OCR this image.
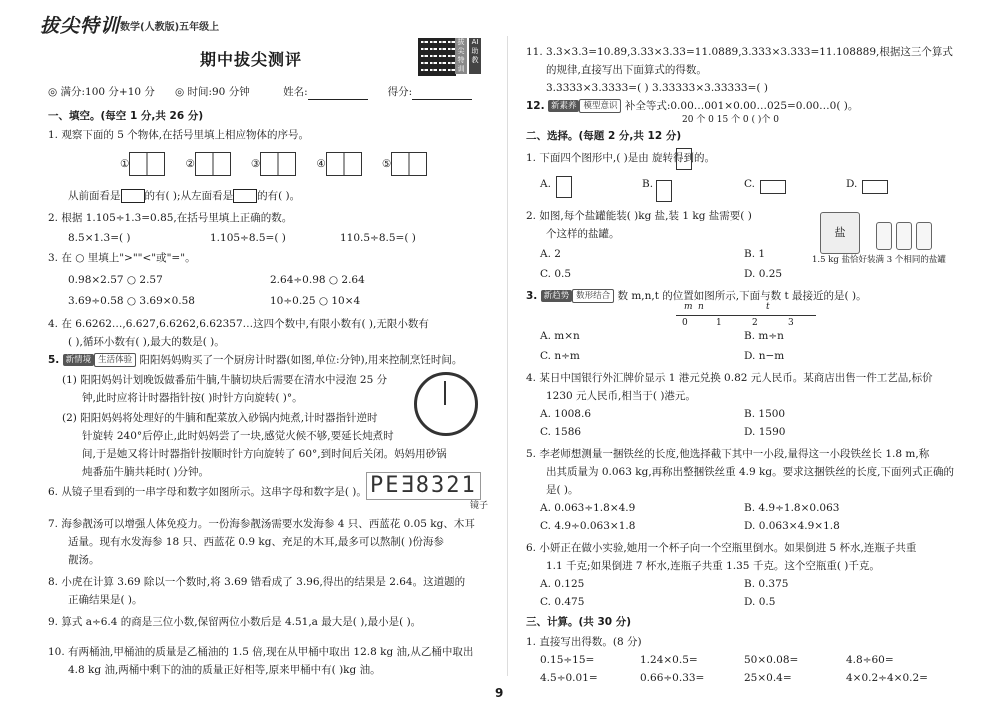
拔尖特训 数学(人教版)五年级上
期中拔尖测评
拔尖特训
AI助教
◎ 满分:100 分+10 分 ◎ 时间:90 分钟	姓名:	得分:
一、填空。(每空 1 分,共 26 分)
1. 观察下面的 5 个物体,在括号里填上相应物体的序号。
①	②	③	④	⑤
从前面看是 的有( );从左面看是 的有( )。
2. 根据 1.105÷1.3=0.85,在括号里填上正确的数。
8.5×1.3=( )	1.105÷8.5=( )	110.5÷8.5=( )
3. 在 ○ 里填上">""<"或"="。
0.98×2.57 ○ 2.57	2.64÷0.98 ○ 2.64
3.69÷0.58 ○ 3.69×0.58	10÷0.25 ○ 10×4
4. 在 6.6262…,6.627,6.6262,6.62357…这四个数中,有限小数有( ),无限小数有
( ),循环小数有( ),最大的数是( )。
5. 新情境 生活体验 阳阳妈妈购买了一个厨房计时器(如图,单位:分钟),用来控制烹饪时间。
(1) 阳阳妈妈计划晚饭做番茄牛腩,牛腩切块后需要在清水中浸泡 25 分
钟,此时应将计时器指针按( )时针方向旋转( )°。
(2) 阳阳妈妈将处理好的牛腩和配菜放入砂锅内炖煮,计时器指针逆时
针旋转 240°后停止,此时妈妈尝了一块,感觉火候不够,要延长炖煮时
间,于是她又将计时器指针按顺时针方向旋转了 60°,到时间后关闭。妈妈用砂锅
炖番茄牛腩共耗时( )分钟。
6. 从镜子里看到的一串字母和数字如图所示。这串字母和数字是( )。 PEƎ8321
镜子
7. 海参靓汤可以增强人体免疫力。一份海参靓汤需要水发海参 4 只、西蓝花 0.05 kg、木耳
适量。现有水发海参 18 只、西蓝花 0.9 kg、充足的木耳,最多可以熬制( )份海参
靓汤。
8. 小虎在计算 3.69 除以一个数时,将 3.69 错看成了 3.96,得出的结果是 2.64。这道题的
正确结果是( )。
9. 算式 a÷6.4 的商是三位小数,保留两位小数后是 4.51,a 最大是( ),最小是( )。
10. 有两桶油,甲桶油的质量是乙桶油的 1.5 倍,现在从甲桶中取出 12.8 kg 油,从乙桶中取出
4.8 kg 油,两桶中剩下的油的质量正好相等,原来甲桶中有( )kg 油。
11. 3.3×3.3=10.89,3.33×3.33=11.0889,3.333×3.333=11.108889,根据这三个算式
的规律,直接写出下面算式的得数。
3.3333×3.3333=( ) 3.33333×3.33333=( )
12. 新素养 模型意识 补全等式:0.00…001×0.00…025=0.00…0( )。
20 个 0 15 个 0 ( )个 0
二、选择。(每题 2 分,共 12 分)
1. 下面四个图形中,( )是由 旋转得到的。
A.	B.	C.	D.
2. 如图,每个盐罐能装( )kg 盐,装 1 kg 盐需要( )
个这样的盐罐。
A. 2	B. 1
C. 0.5	D. 0.25
盐
1.5 kg 盐恰好装满 3 个相同的盐罐
3. 新趋势 数形结合 数 m,n,t 的位置如图所示,下面与数 t 最接近的是( )。
m n	t
0	1	2	3
A. m×n	B. m÷n
C. n÷m	D. n−m
4. 某日中国银行外汇牌价显示 1 港元兑换 0.82 元人民币。某商店出售一件工艺品,标价
1230 元人民币,相当于( )港元。
A. 1008.6	B. 1500
C. 1586	D. 1590
5. 李老师想测量一捆铁丝的长度,他选择截下其中一小段,量得这一小段铁丝长 1.8 m,称
出其质量为 0.063 kg,再称出整捆铁丝重 4.9 kg。要求这捆铁丝的长度,下面列式正确的
是( )。
A. 0.063÷1.8×4.9	B. 4.9÷1.8×0.063
C. 4.9÷0.063×1.8	D. 0.063×4.9×1.8
6. 小妍正在做小实验,她用一个杯子向一个空瓶里倒水。如果倒进 5 杯水,连瓶子共重
1.1 千克;如果倒进 7 杯水,连瓶子共重 1.35 千克。这个空瓶重( )千克。
A. 0.125	B. 0.375
C. 0.475	D. 0.5
三、计算。(共 30 分)
1. 直接写出得数。(8 分)
0.15÷15=	1.24×0.5=	50×0.08=	4.8÷60=
4.5÷0.01=	0.66÷0.33=	25×0.4=	4×0.2÷4×0.2=
9
